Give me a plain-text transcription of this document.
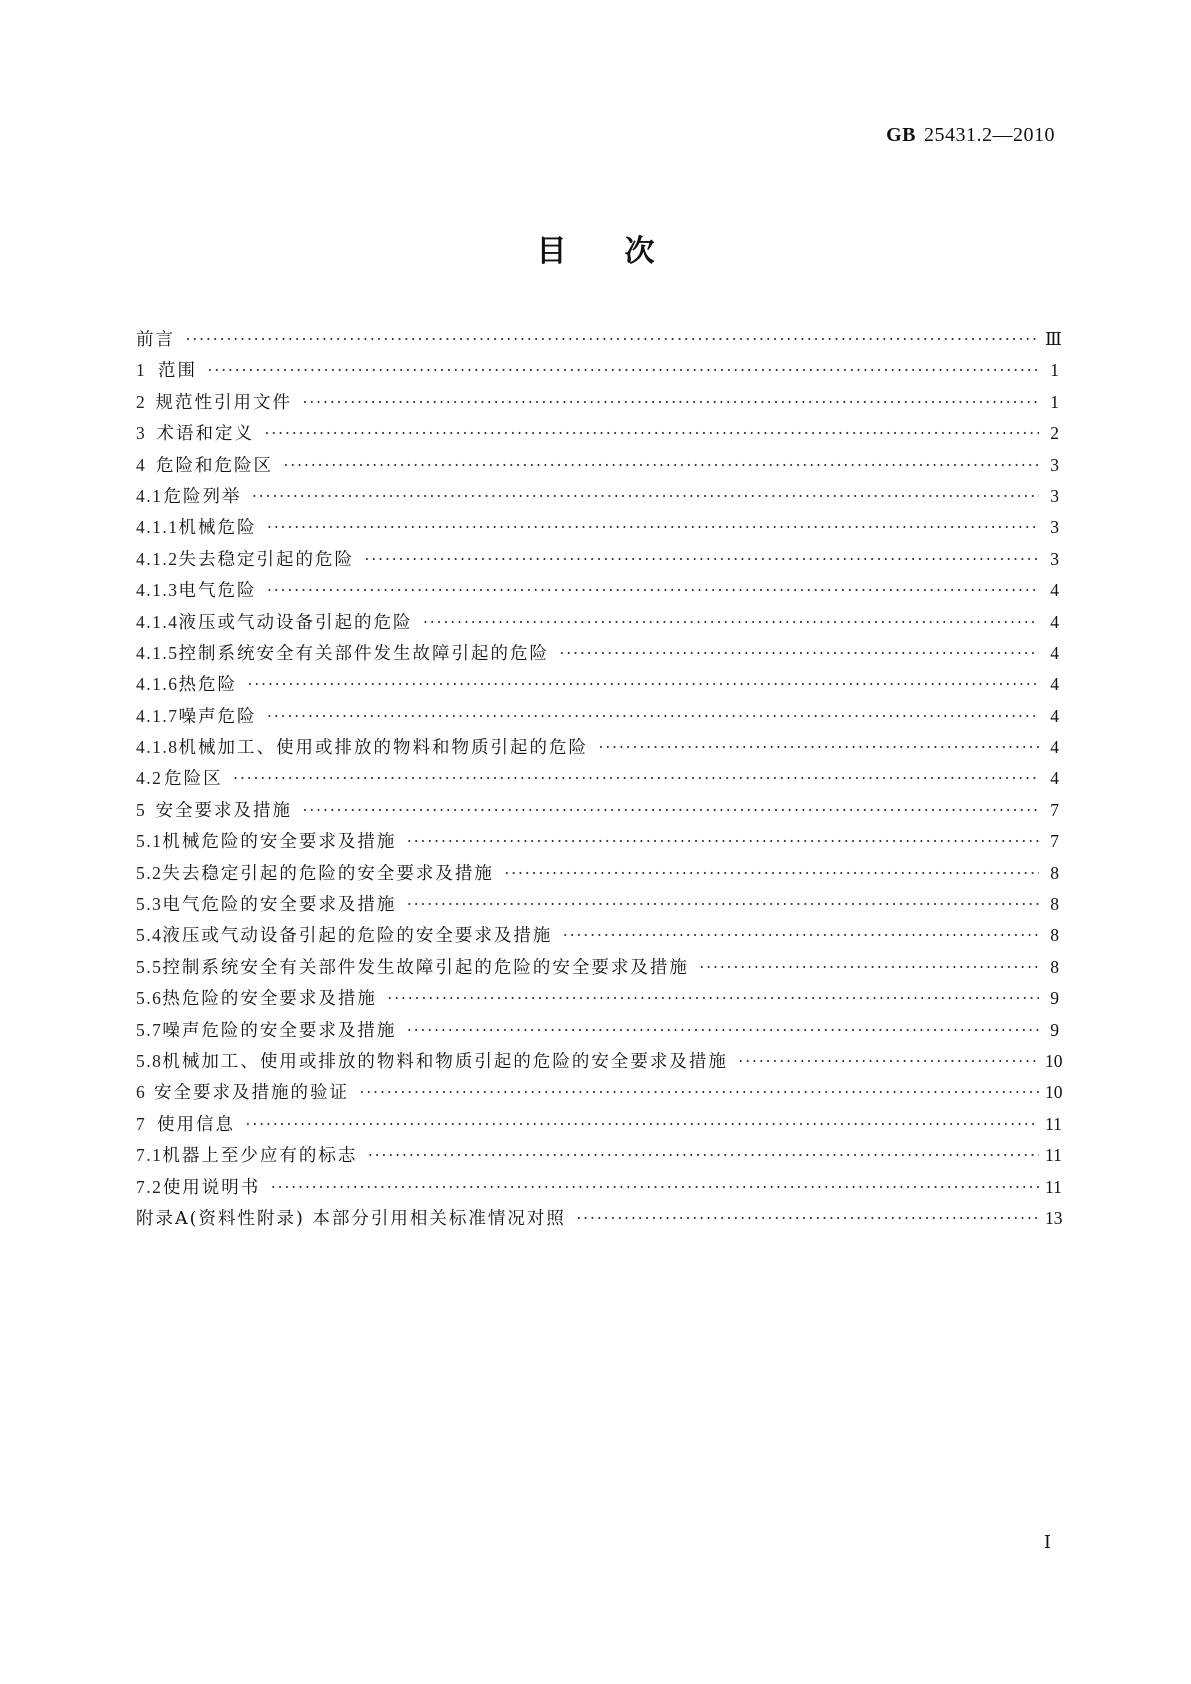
GB 25431.2—2010
目次
前言 ·····	Ⅲ
1 范围 ·····	1
2 规范性引用文件 ·····	1
3 术语和定义 ·····	2
4 危险和危险区 ·····	3
4.1 危险列举 ·····	3
4.1.1 机械危险 ·····	3
4.1.2 失去稳定引起的危险 ·····	3
4.1.3 电气危险 ·····	4
4.1.4 液压或气动设备引起的危险 ·····	4
4.1.5 控制系统安全有关部件发生故障引起的危险 ·····	4
4.1.6 热危险 ·····	4
4.1.7 噪声危险 ·····	4
4.1.8 机械加工、使用或排放的物料和物质引起的危险 ·····	4
4.2 危险区 ·····	4
5 安全要求及措施 ·····	7
5.1 机械危险的安全要求及措施 ·····	7
5.2 失去稳定引起的危险的安全要求及措施 ·····	8
5.3 电气危险的安全要求及措施 ·····	8
5.4 液压或气动设备引起的危险的安全要求及措施 ·····	8
5.5 控制系统安全有关部件发生故障引起的危险的安全要求及措施 ·····	8
5.6 热危险的安全要求及措施 ·····	9
5.7 噪声危险的安全要求及措施 ·····	9
5.8 机械加工、使用或排放的物料和物质引起的危险的安全要求及措施 ·····	10
6 安全要求及措施的验证 ·····	10
7 使用信息 ·····	11
7.1 机器上至少应有的标志 ·····	11
7.2 使用说明书 ·····	11
附录A(资料性附录) 本部分引用相关标准情况对照 ·····	13
Ⅰ
